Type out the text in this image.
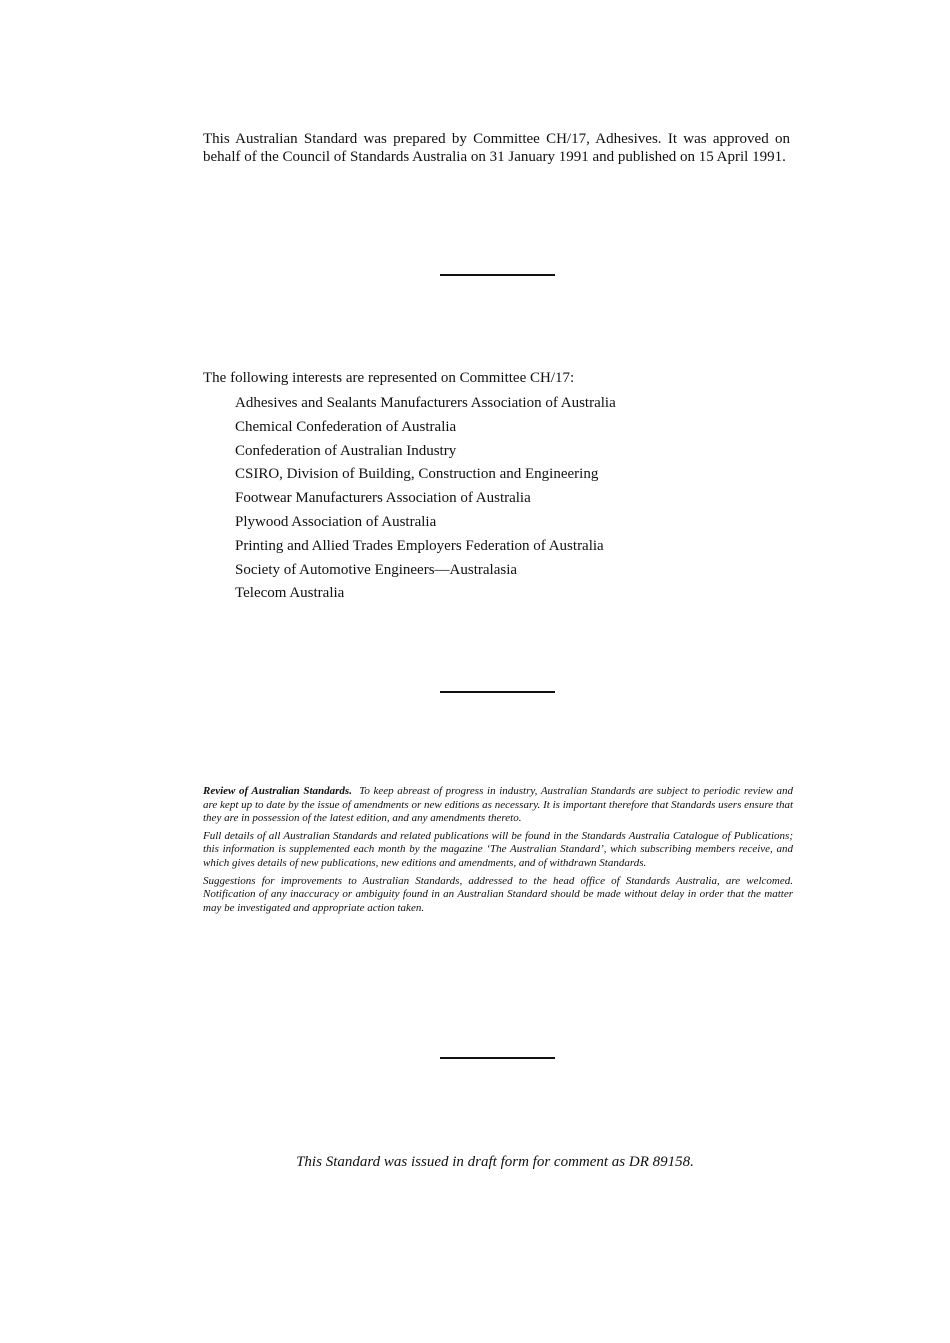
This Australian Standard was prepared by Committee CH/17, Adhesives. It was approved on behalf of the Council of Standards Australia on 31 January 1991 and published on 15 April 1991.

The following interests are represented on Committee CH/17:

Adhesives and Sealants Manufacturers Association of Australia
Chemical Confederation of Australia
Confederation of Australian Industry
CSIRO, Division of Building, Construction and Engineering
Footwear Manufacturers Association of Australia
Plywood Association of Australia
Printing and Allied Trades Employers Federation of Australia
Society of Automotive Engineers—Australasia
Telecom Australia

Review of Australian Standards. To keep abreast of progress in industry, Australian Standards are subject to periodic review and are kept up to date by the issue of amendments or new editions as necessary. It is important therefore that Standards users ensure that they are in possession of the latest edition, and any amendments thereto.

Full details of all Australian Standards and related publications will be found in the Standards Australia Catalogue of Publications; this information is supplemented each month by the magazine ‘The Australian Standard’, which subscribing members receive, and which gives details of new publications, new editions and amendments, and of withdrawn Standards.

Suggestions for improvements to Australian Standards, addressed to the head office of Standards Australia, are welcomed. Notification of any inaccuracy or ambiguity found in an Australian Standard should be made without delay in order that the matter may be investigated and appropriate action taken.

This Standard was issued in draft form for comment as DR 89158.
